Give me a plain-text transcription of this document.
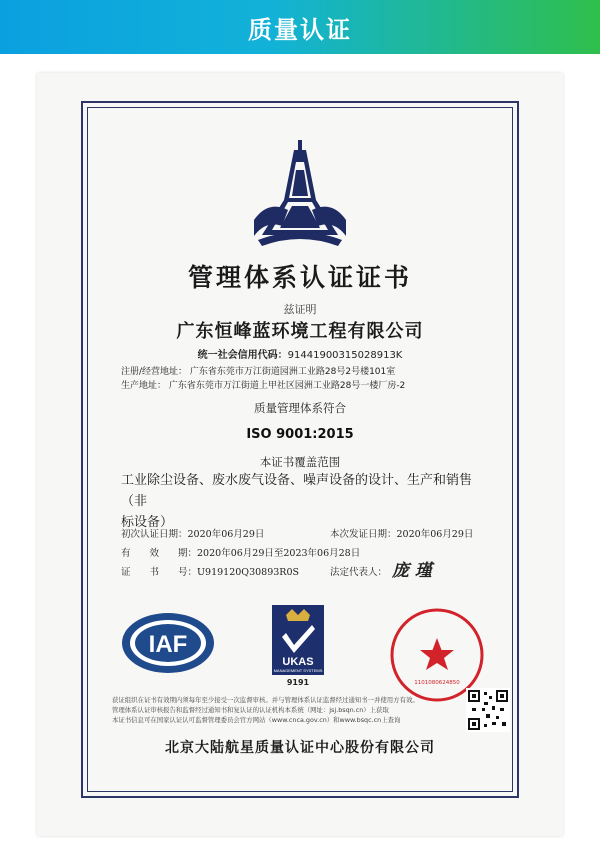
质量认证
管理体系认证证书
兹证明
广东恒峰蓝环境工程有限公司
统一社会信用代码：91441900315028913K
注册/经营地址： 广东省东莞市万江街道园洲工业路28号2号楼101室
生产地址： 广东省东莞市万江街道上甲社区园洲工业路28号一楼厂房-2
质量管理体系符合
ISO 9001:2015
本证书覆盖范围
工业除尘设备、废水废气设备、噪声设备的设计、生产和销售（非
标设备）
初次认证日期：2020年06月29日	本次发证日期：2020年06月29日
有　　效　　期：2020年06月29日至2023年06月28日
证　　书　　号：U919120Q30893R0S	法定代表人： 庞 瑾
IAF
UKAS
MANAGEMENT SYSTEMS
9191	1101080624850
获证组织在证书有效期内须每年至少接受一次监督审核。并与管理体系认证监督经过通知书一并使用方有效。
管理体系认证审核报告和监督经过通知书和复认证的认证机构本系统（网址：jsj.bsqn.cn）上获取
本证书信息可在国家认证认可监督管理委员会官方网站（www.cnca.gov.cn）和www.bsqc.cn上查询
北京大陆航星质量认证中心股份有限公司
